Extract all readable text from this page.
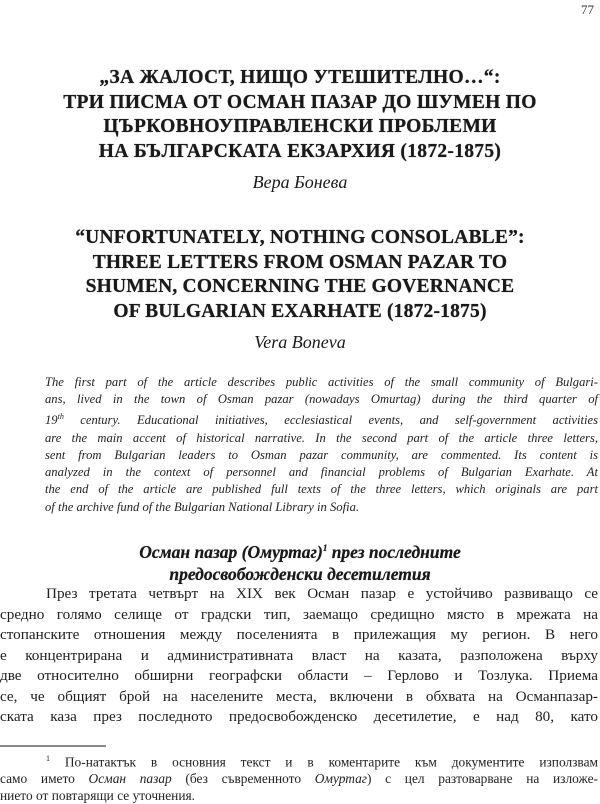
77
„ЗА ЖАЛОСТ, НИЩО УТЕШИТЕЛНО…“:
ТРИ ПИСМА ОТ ОСМАН ПАЗАР ДО ШУМЕН ПО
ЦЪРКОВНОУПРАВЛЕНСКИ ПРОБЛЕМИ
НА БЪЛГАРСКАТА ЕКЗАРХИЯ (1872-1875)
Вера Бонева
“UNFORTUNATELY, NOTHING CONSOLABLE”:
THREE LETTERS FROM OSMAN PAZAR TO
SHUMEN, CONCERNING THE GOVERNANCE
OF BULGARIAN EXARHATE (1872-1875)
Vera Boneva
The first part of the article describes public activities of the small community of Bulgari-
ans, lived in the town of Osman pazar (nowadays Omurtag) during the third quarter of
19th century. Educational initiatives, ecclesiastical events, and self-government activities
are the main accent of historical narrative. In the second part of the article three letters,
sent from Bulgarian leaders to Osman pazar community, are commented. Its content is
analyzed in the context of personnel and financial problems of Bulgarian Exarhate. At
the end of the article are published full texts of the three letters, which originals are part
of the archive fund of the Bulgarian National Library in Sofia.
Осман пазар (Омуртаг)$^1$ през последните
предосвобожденски десетилетия
През третата четвърт на XIX век Осман пазар е устойчиво развиващо се
средно голямо селище от градски тип, заемащо средищно място в мрежата на
стопанските отношения между поселенията в прилежащия му регион. В него
е концентрирана и административната власт на казата, разположена върху
две относително обширни географски области – Герлово и Тозлука. Приема
се, че общият брой на населените места, включени в обхвата на Османпазар-
ската каза през последното предосвобожденско десетилетие, е над 80, като
$^1$ По-натактък в основния текст и в коментарите към документите използвам
само името Осман пазар (без съвременното Омуртаг) с цел разтоварване на изложе-
нието от повтарящи се уточнения.
